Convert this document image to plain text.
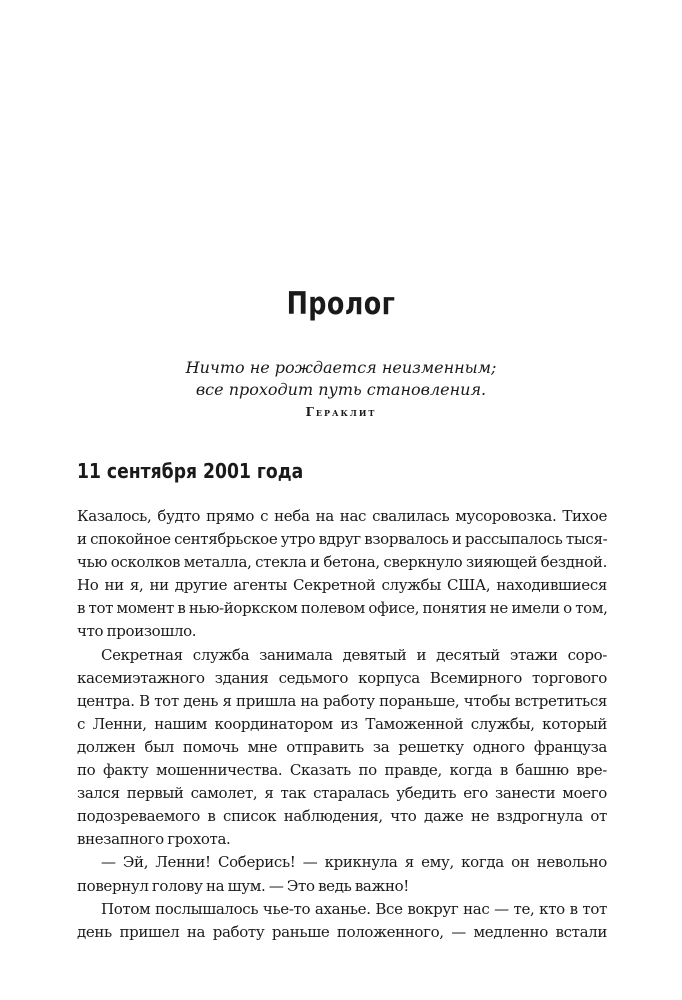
Пролог
Ничто не рождается неизменным;
все проходит путь становления.
Гераклит
11 сентября 2001 года
Казалось, будто прямо с неба на нас свалилась мусоровозка. Тихое
и спокойное сентябрьское утро вдруг взорвалось и рассыпалось тыся-
чью осколков металла, стекла и бетона, сверкнуло зияющей бездной.
Но ни я, ни другие агенты Секретной службы США, находившиеся
в тот момент в нью-йоркском полевом офисе, понятия не имели о том,
что произошло.
Секретная служба занимала девятый и десятый этажи соро-
касемиэтажного здания седьмого корпуса Всемирного торгового
центра. В тот день я пришла на работу пораньше, чтобы встретиться
с Ленни, нашим координатором из Таможенной службы, который
должен был помочь мне отправить за решетку одного француза
по факту мошенничества. Сказать по правде, когда в башню вре-
зался первый самолет, я так старалась убедить его занести моего
подозреваемого в список наблюдения, что даже не вздрогнула от
внезапного грохота.
— Эй, Ленни! Соберись! — крикнула я ему, когда он невольно
повернул голову на шум. — Это ведь важно!
Потом послышалось чье-то аханье. Все вокруг нас — те, кто в тот
день пришел на работу раньше положенного, — медленно встали
